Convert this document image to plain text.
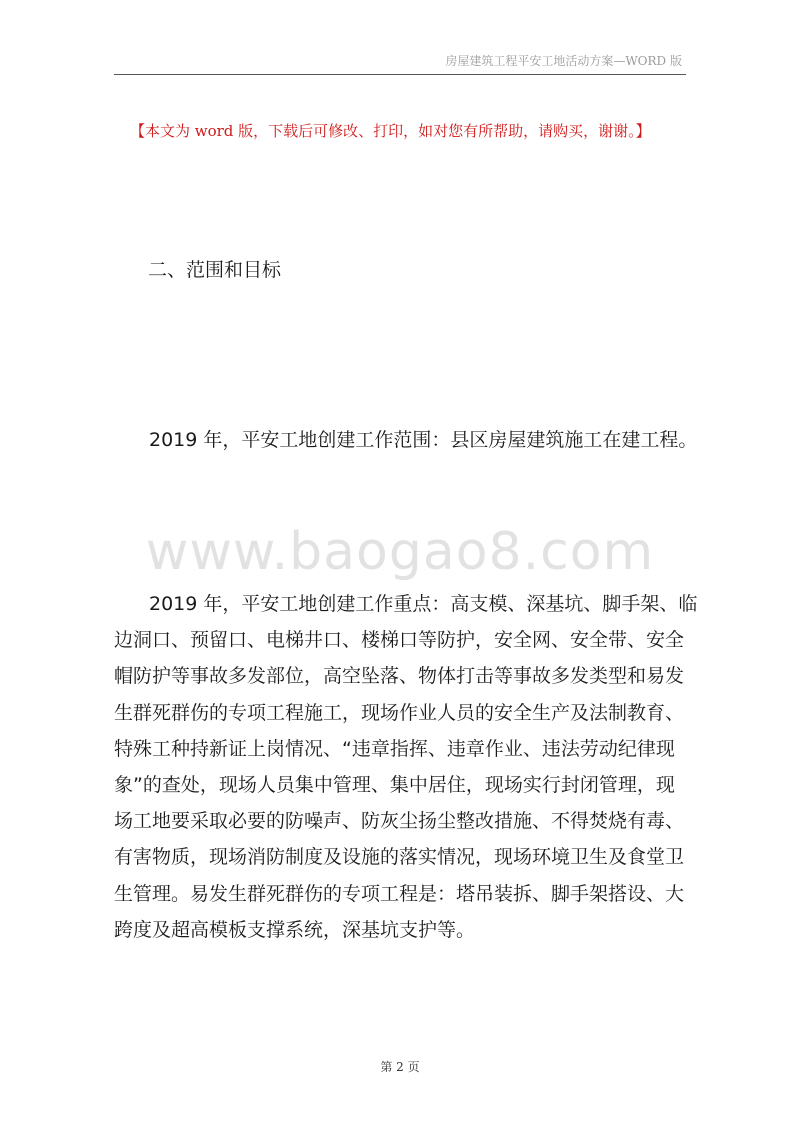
房屋建筑工程平安工地活动方案—WORD 版
【本文为 word 版，下载后可修改、打印，如对您有所帮助，请购买，谢谢。】
二、范围和目标
2019 年，平安工地创建工作范围：县区房屋建筑施工在建工程。
www.baogao8.com
2019 年，平安工地创建工作重点：高支模、深基坑、脚手架、临
边洞口、预留口、电梯井口、楼梯口等防护，安全网、安全带、安全
帽防护等事故多发部位，高空坠落、物体打击等事故多发类型和易发
生群死群伤的专项工程施工，现场作业人员的安全生产及法制教育、
特殊工种持新证上岗情况、“违章指挥、违章作业、违法劳动纪律现
象”的查处，现场人员集中管理、集中居住，现场实行封闭管理，现
场工地要采取必要的防噪声、防灰尘扬尘整改措施、不得焚烧有毒、
有害物质，现场消防制度及设施的落实情况，现场环境卫生及食堂卫
生管理。易发生群死群伤的专项工程是：塔吊装拆、脚手架搭设、大
跨度及超高模板支撑系统，深基坑支护等。
第 2 页
